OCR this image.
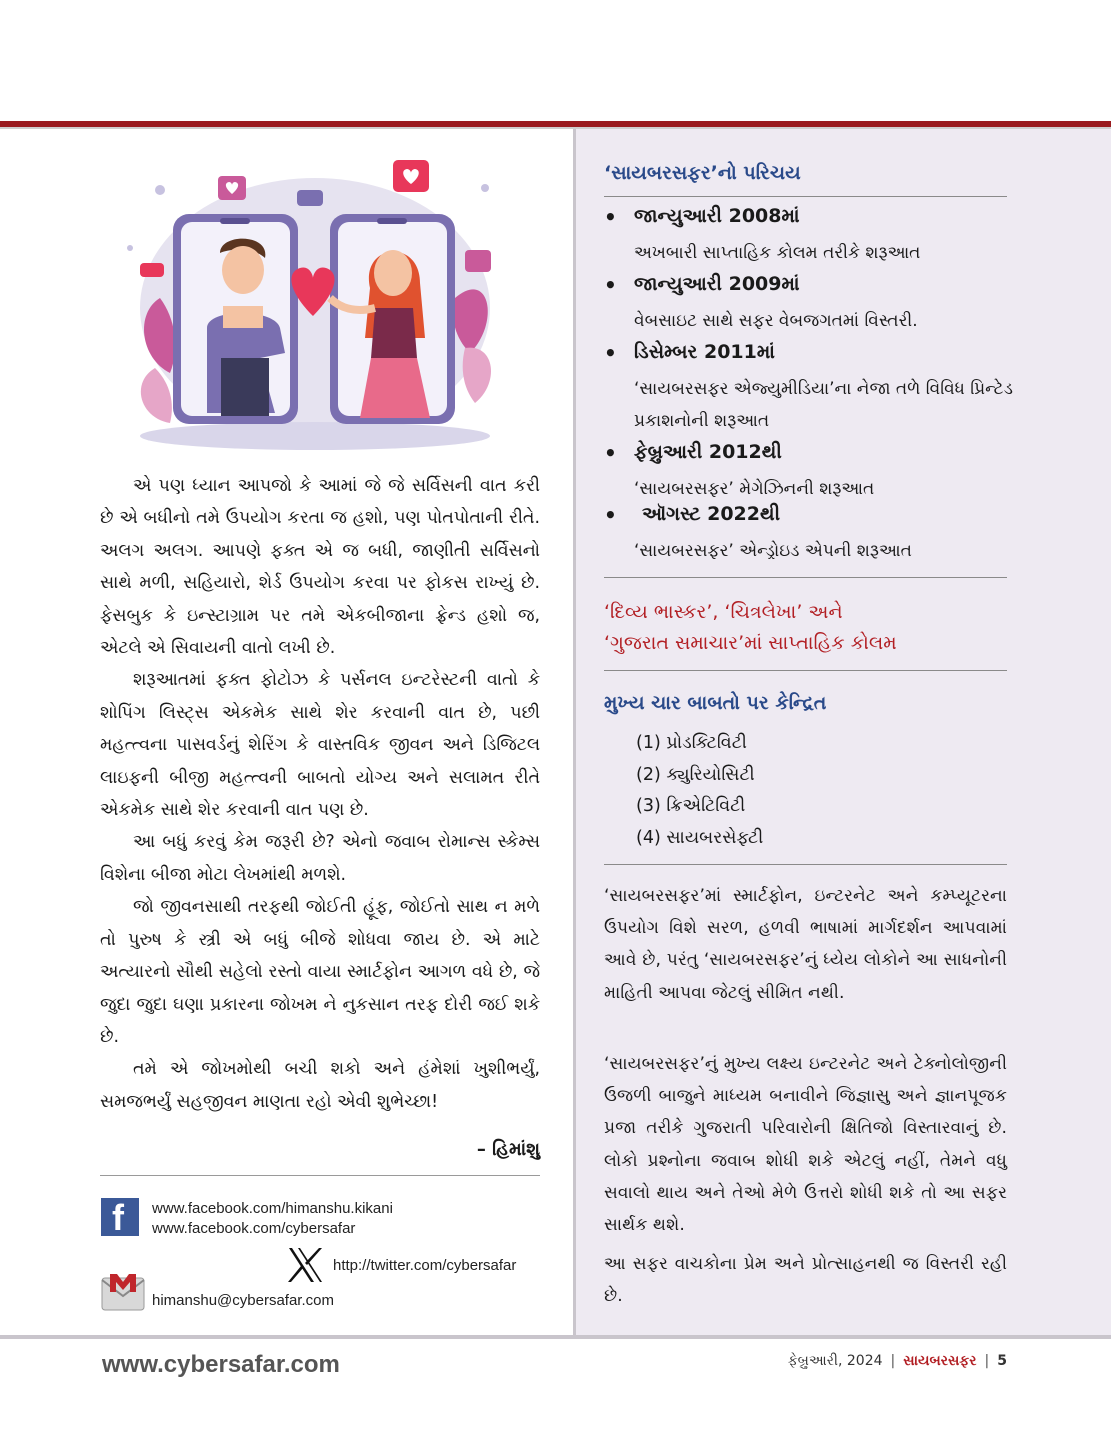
એ પણ ધ્યાન આપજો કે આમાં જે જે સર્વિસની વાત કરી છે એ બધીનો તમે ઉપયોગ કરતા જ હશો, પણ પોતપોતાની રીતે. અલગ અલગ. આપણે ફક્ત એ જ બધી, જાણીતી સર્વિસનો સાથે મળી, સહિયારો, શેર્ડ ઉપયોગ કરવા પર ફોકસ રાખ્યું છે. ફેસબુક કે ઇન્સ્ટાગ્રામ પર તમે એકબીજાના ફ્રેન્ડ હશો જ, એટલે એ સિવાયની વાતો લખી છે.

શરૂઆતમાં ફક્ત ફોટોઝ કે પર્સનલ ઇન્ટરેસ્ટની વાતો કે શોપિંગ લિસ્ટ્સ એકમેક સાથે શેર કરવાની વાત છે, પછી મહત્ત્વના પાસવર્ડનું શેરિંગ કે વાસ્તવિક જીવન અને ડિજિટલ લાઇફની બીજી મહત્ત્વની બાબતો યોગ્ય અને સલામત રીતે એકમેક સાથે શેર કરવાની વાત પણ છે.

આ બધું કરવું કેમ જરૂરી છે? એનો જવાબ રોમાન્સ સ્કેમ્સ વિશેના બીજા મોટા લેખમાંથી મળશે.

જો જીવનસાથી તરફથી જોઈતી હૂંફ, જોઈતો સાથ ન મળે તો પુરુષ કે સ્ત્રી એ બધું બીજે શોધવા જાય છે. એ માટે અત્યારનો સૌથી સહેલો રસ્તો વાયા સ્માર્ટફોન આગળ વધે છે, જે જુદા જુદા ઘણા પ્રકારના જોખમ ને નુકસાન તરફ દોરી જઈ શકે છે.

તમે એ જોખમોથી બચી શકો અને હંમેશાં ખુશીભર્યું, સમજભર્યું સહજીવન માણતા રહો એવી શુભેચ્છા!

– હિમાંશુ
f www.facebook.com/himanshu.kikani
www.facebook.com/cybersafar
http://twitter.com/cybersafar
himanshu@cybersafar.com
‘સાયબરસફર’નો પરિચય
• જાન્યુઆરી 2008માં
અખબારી સાપ્તાહિક કોલમ તરીકે શરૂઆત
• જાન્યુઆરી 2009માં
વેબસાઇટ સાથે સફર વેબજગતમાં વિસ્તરી.
• ડિસેમ્બર 2011માં
‘સાયબરસફર એજ્યુમીડિયા’ના નેજા તળે વિવિધ પ્રિન્ટેડ પ્રકાશનોની શરૂઆત
• ફેબ્રુઆરી 2012થી
‘સાયબરસફર’ મેગેઝિનની શરૂઆત
• ઑગસ્ટ 2022થી
‘સાયબરસફર’ એન્ડ્રોઇડ એપની શરૂઆત
‘દિવ્ય ભાસ્કર’, ‘ચિત્રલેખા’ અને
‘ગુજરાત સમાચાર’માં સાપ્તાહિક કોલમ
મુખ્ય ચાર બાબતો પર કેન્દ્રિત
(1) પ્રોડક્ટિવિટી
(2) ક્યુરિયોસિટી
(3) ક્રિએટિવિટી
(4) સાયબરસેફ્ટી
‘સાયબરસફર’માં સ્માર્ટફોન, ઇન્ટરનેટ અને કમ્પ્યૂટરના ઉપયોગ વિશે સરળ, હળવી ભાષામાં માર્ગદર્શન આપવામાં આવે છે, પરંતુ ‘સાયબરસફર’નું ધ્યેય લોકોને આ સાધનોની માહિતી આપવા જેટલું સીમિત નથી.
‘સાયબરસફર’નું મુખ્ય લક્ષ્ય ઇન્ટરનેટ અને ટેક્નોલોજીની ઉજળી બાજુને માધ્યમ બનાવીને જિજ્ઞાસુ અને જ્ઞાનપૂજક પ્રજા તરીકે ગુજરાતી પરિવારોની ક્ષિતિજો વિસ્તારવાનું છે. લોકો પ્રશ્નોના જવાબ શોધી શકે એટલું નહીં, તેમને વધુ સવાલો થાય અને તેઓ મેળે ઉત્તરો શોધી શકે તો આ સફર સાર્થક થશે.
આ સફર વાચકોના પ્રેમ અને પ્રોત્સાહનથી જ વિસ્તરી રહી છે.
www.cybersafar.com	ફેબ્રુઆરી, 2024 | સાયબરસફર | 5
